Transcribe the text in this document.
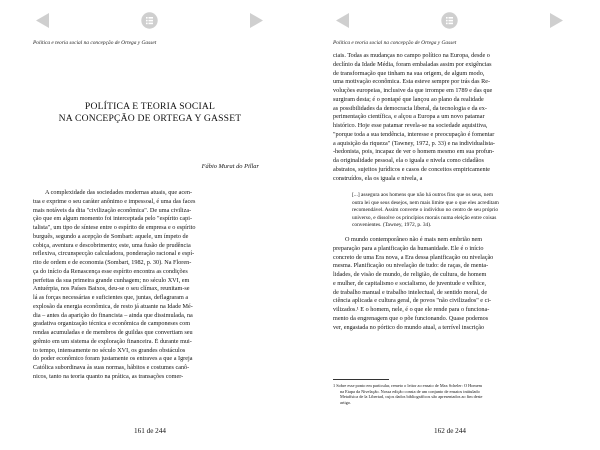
Política e teoria social na concepção de Ortega y Gasset
POLÍTICA E TEORIA SOCIAL
NA CONCEPÇÃO DE ORTEGA Y GASSET
Fábio Murat do Pillar
A complexidade das sociedades modernas atuais, que acen-
tua e exprime o seu caráter anônimo e impessoal, é uma das faces
mais notáveis da dita "civilização econômica". De uma civiliza-
ção que em algum momento foi interceptada pelo "espírito capi-
talista", um tipo de síntese entre o espírito de empresa e o espírito
burguês, segundo a acepção de Sombart: aquele, um ímpeto de
cobiça, aventura e descobrimento; este, uma fusão de prudência
reflexiva, circunspecção calculadora, ponderação racional e espí-
rito de ordem e de economia (Sombart, 1982, p. 30). Na Floren-
ça do início da Renascença esse espírito encontra as condições
perfeitas da sua primeira grande cunhagem; no século XVI, em
Antuérpia, nos Países Baixos, deu-se o seu clímax, reunitam-se
lá as forças necessárias e suficientes que, juntas, deflagraram a
explosão da energia econômica, de resto já atuante na Idade Mé-
dia – antes da aparição do financista – ainda que dissimulada, na
gradativa organização técnica e econômica de camponeses com
rendas acumuladas e de membros de guildas que convertiam seu
grêmio em um sistema de exploração financeira. É durante mui-
to tempo, intensamente no século XVI, os grandes obstáculos
do poder econômico foram justamente os entraves a que a Igreja
Católica subordinava às suas normas, hábitos e costumes canô-
nicos, tanto na teoria quanto na prática, as transações comer-
161 de 244
Política e teoria social na concepção de Ortega y Gasset
ciais. Todas as mudanças no campo político na Europa, desde o
declínio da Idade Média, foram embaladas assim por exigências
de transformação que tinham na sua origem, de algum modo,
uma motivação econômica. Esta esteve sempre por trás das Re-
voluções europeias, inclusive da que irrompe em 1789 e das que
surgiram desta; é o pontapé que lançou ao plano da realidade
as possibilidades da democracia liberal, da tecnologia e da ex-
perimentação científica, e alçou a Europa a um novo patamar
histórico. Hoje esse patamar revela-se na sociedade aquisitiva,
"porque toda a sua tendência, interesse e preocupação é fomentar
a aquisição da riqueza" (Tawney, 1972, p. 33) e na individualista-
-hedonista, pois, incapaz de ver o homem mesmo em sua profun-
da originalidade pessoal, ela o iguala e nivela como cidadãos
abstratos, sujeitos jurídicos e casos de conceitos empiricamente
construídos, ela os iguala e nivela, a
[...] assegura aos homens que não há outros fins que os seus, nem
outra lei que seus desejos, nem mais limite que o que eles acreditam
recomendável. Assim converte o indivíduo no centro de seu próprio
universo, e dissolve os princípios morais numa eleição entre coisas
convenientes. (Tawney, 1972, p. 34).
O mundo contemporâneo não é mais nem embrião nem
preparação para a planificação da humanidade. Ele é o início
concreto de uma Era nova, a Era dessa planificação ou nivelação
mesma. Planificação ou nivelação de tudo: de raças, de menta-
lidades, de visão de mundo, de religião, de cultura, de homem
e mulher, de capitalismo e socialismo, de juventude e velhice,
de trabalho manual e trabalho intelectual, de sentido moral, de
ciência aplicada e cultura geral, de povos "não civilizados" e ci-
vilizados.¹ E o homem, nele, é o que ele rende para o funciona-
mento da engrenagem que o põe funcionando. Quase podemos
ver, engastada no pórtico do mundo atual, a terrível inscrição
1 Sobre esse ponto em particular, remeto o leitor ao ensaio de Max Scheler: O Homem
na Etapa da Nivelação. Nossa edição consta de um conjunto de ensaios intitulado
Metafísica de la Libertad, cujos dados bibliográficos são apresentados ao fim deste
artigo.
162 de 244
